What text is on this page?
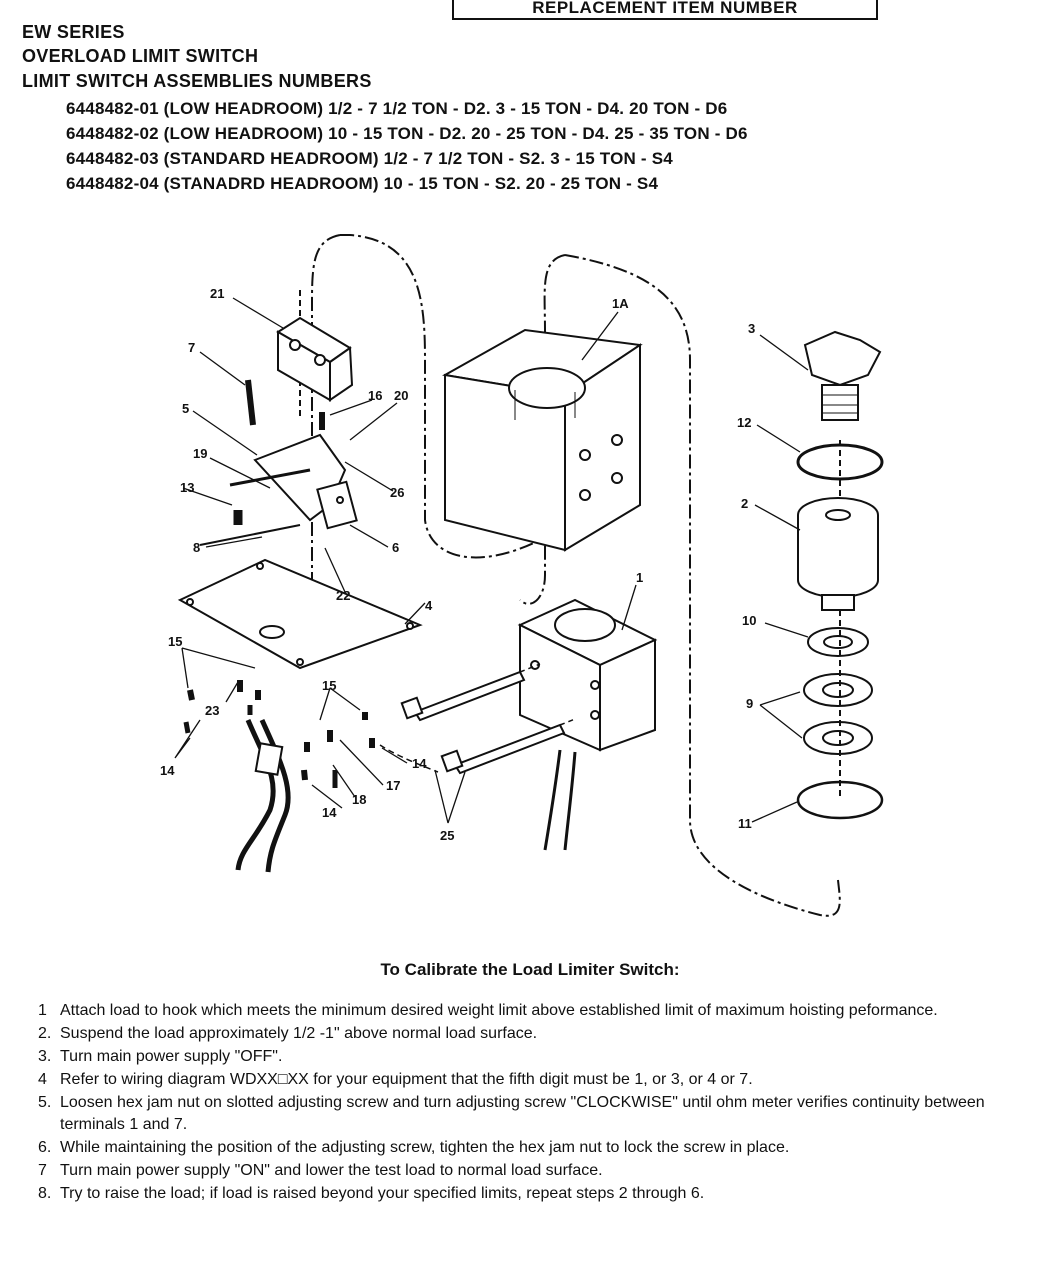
REPLACEMENT ITEM NUMBER
EW SERIES
OVERLOAD LIMIT SWITCH
LIMIT SWITCH ASSEMBLIES NUMBERS
6448482-01 (LOW HEADROOM) 1/2 - 7 1/2 TON - D2. 3 - 15 TON - D4. 20 TON - D6
6448482-02 (LOW HEADROOM) 10 - 15 TON - D2. 20 - 25 TON - D4. 25 - 35 TON - D6
6448482-03 (STANDARD HEADROOM) 1/2 - 7 1/2 TON - S2. 3 - 15 TON - S4
6448482-04 (STANADRD HEADROOM) 10 - 15 TON - S2. 20 - 25 TON - S4
21
7
16 20
5
19
26
13
6
8
22
4
15
15
23
14	14
14
17
18
25
1
1A
3
12
2
10
9
11
To Calibrate the Load Limiter Switch:
1 Attach load to hook which meets the minimum desired weight limit above established limit of maximum hoisting peformance.
2. Suspend the load approximately 1/2 -1" above normal load surface.
3. Turn main power supply "OFF".
4 Refer to wiring diagram WDXX□XX for your equipment that the fifth digit must be 1, or 3, or 4 or 7.
5. Loosen hex jam nut on slotted adjusting screw and turn adjusting screw "CLOCKWISE" until ohm meter verifies continuity between terminals 1 and 7.
6. While maintaining the position of the adjusting screw, tighten the hex jam nut to lock the screw in place.
7 Turn main power supply "ON" and lower the test load to normal load surface.
8. Try to raise the load; if load is raised beyond your specified limits, repeat steps 2 through 6.
